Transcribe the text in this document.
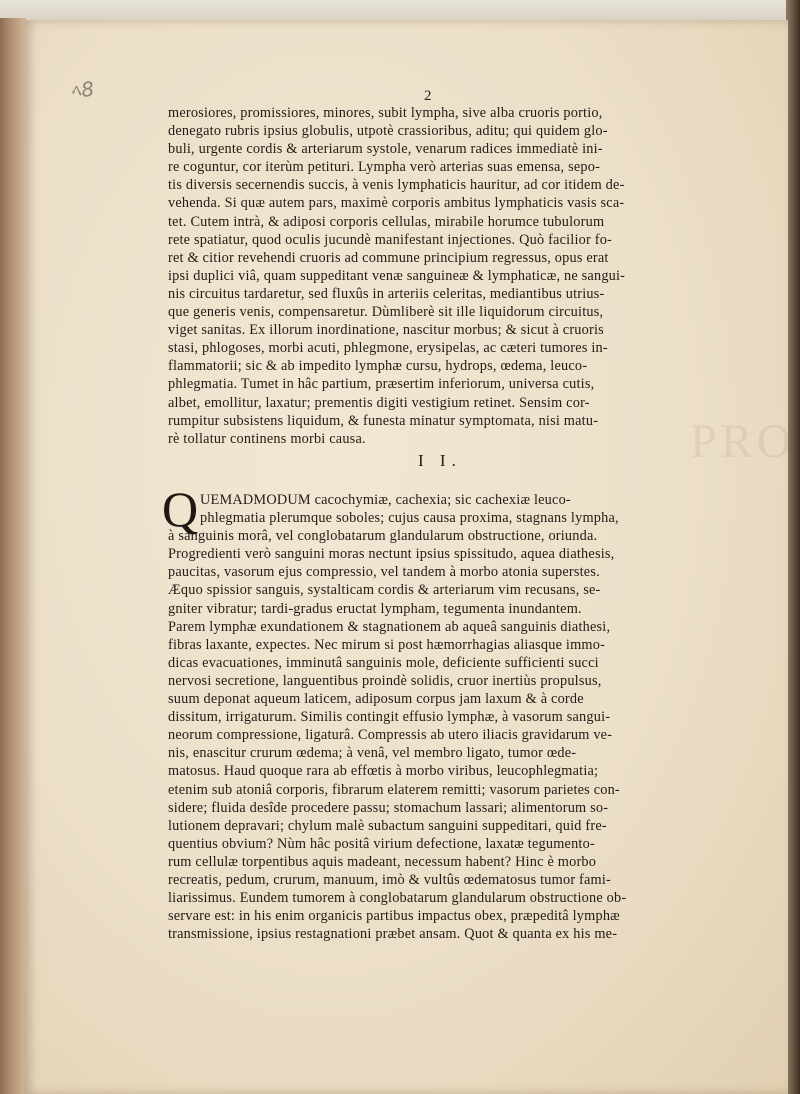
ﾍ8	2
PRO
merosiores, promissiores, minores, subit lympha, sive alba cruoris portio,
denegato rubris ipsius globulis, utpotè crassioribus, aditu; qui quidem glo-
buli, urgente cordis & arteriarum systole, venarum radices immediatè ini-
re coguntur, cor iterùm petituri. Lympha verò arterias suas emensa, sepo-
tis diversis secernendis succis, à venis lymphaticis hauritur, ad cor itidem de-
vehenda. Si quæ autem pars, maximè corporis ambitus lymphaticis vasis sca-
tet. Cutem intrà, & adiposi corporis cellulas, mirabile horumce tubulorum
rete spatiatur, quod oculis jucundè manifestant injectiones. Quò facilior fo-
ret & citior revehendi cruoris ad commune principium regressus, opus erat
ipsi duplici viâ, quam suppeditant venæ sanguineæ & lymphaticæ, ne sangui-
nis circuitus tardaretur, sed fluxûs in arteriis celeritas, mediantibus utrius-
que generis venis, compensaretur. Dùmliberè sit ille liquidorum circuitus,
viget sanitas. Ex illorum inordinatione, nascitur morbus; & sicut à cruoris
stasi, phlogoses, morbi acuti, phlegmone, erysipelas, ac cæteri tumores in-
flammatorii; sic & ab impedito lymphæ cursu, hydrops, œdema, leuco-
phlegmatia. Tumet in hâc partium, præsertim inferiorum, universa cutis,
albet, emollitur, laxatur; prementis digiti vestigium retinet. Sensim cor-
rumpitur subsistens liquidum, & funesta minatur symptomata, nisi matu-
rè tollatur continens morbi causa.
I I.
Q UEMADMODUM cacochymiæ, cachexia; sic cachexiæ leuco-
phlegmatia plerumque soboles; cujus causa proxima, stagnans lympha,
à sanguinis morâ, vel conglobatarum glandularum obstructione, oriunda.
Progredienti verò sanguini moras nectunt ipsius spissitudo, aquea diathesis,
paucitas, vasorum ejus compressio, vel tandem à morbo atonia superstes.
Æquo spissior sanguis, systalticam cordis & arteriarum vim recusans, se-
gniter vibratur; tardi-gradus eructat lympham, tegumenta inundantem.
Parem lymphæ exundationem & stagnationem ab aqueâ sanguinis diathesi,
fibras laxante, expectes. Nec mirum si post hæmorrhagias aliasque immo-
dicas evacuationes, imminutâ sanguinis mole, deficiente sufficienti succi
nervosi secretione, languentibus proindè solidis, cruor inertiùs propulsus,
suum deponat aqueum laticem, adiposum corpus jam laxum & à corde
dissitum, irrigaturum. Similis contingit effusio lymphæ, à vasorum sangui-
neorum compressione, ligaturâ. Compressis ab utero iliacis gravidarum ve-
nis, enascitur crurum œdema; à venâ, vel membro ligato, tumor œde-
matosus. Haud quoque rara ab effœtis à morbo viribus, leucophlegmatia;
etenim sub atoniâ corporis, fibrarum elaterem remitti; vasorum parietes con-
sidere; fluida desîde procedere passu; stomachum lassari; alimentorum so-
lutionem depravari; chylum malè subactum sanguini suppeditari, quid fre-
quentius obvium? Nùm hâc positâ virium defectione, laxatæ tegumento-
rum cellulæ torpentibus aquis madeant, necessum habent? Hinc è morbo
recreatis, pedum, crurum, manuum, imò & vultûs œdematosus tumor fami-
liarissimus. Eundem tumorem à conglobatarum glandularum obstructione ob-
servare est: in his enim organicis partibus impactus obex, præpeditâ lymphæ
transmissione, ipsius restagnationi præbet ansam. Quot & quanta ex his me-
